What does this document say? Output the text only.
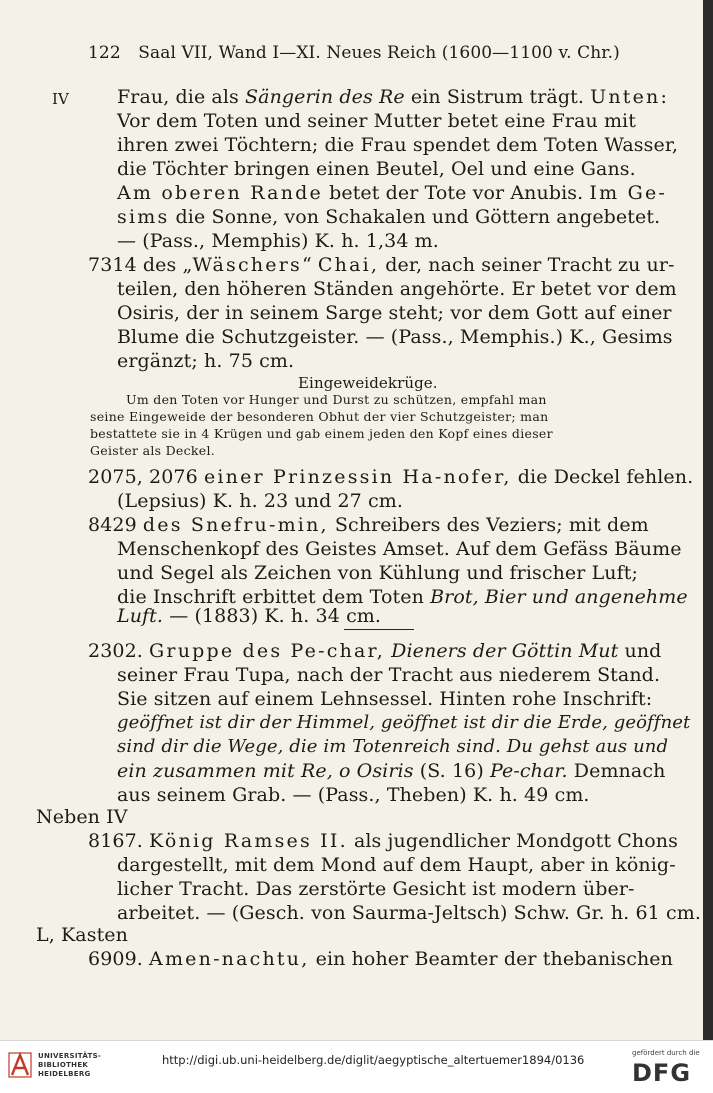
122 Saal VII, Wand I—XI. Neues Reich (1600—1100 v. Chr.)
IV	Frau, die als Sängerin des Re ein Sistrum trägt. Unten:
Vor dem Toten und seiner Mutter betet eine Frau mit
ihren zwei Töchtern; die Frau spendet dem Toten Wasser,
die Töchter bringen einen Beutel, Oel und eine Gans.
Am oberen Rande betet der Tote vor Anubis. Im Ge-
sims die Sonne, von Schakalen und Göttern angebetet.
— (Pass., Memphis) K. h. 1,34 m.
7314 des „Wäschers“ Chai, der, nach seiner Tracht zu ur-
teilen, den höheren Ständen angehörte. Er betet vor dem
Osiris, der in seinem Sarge steht; vor dem Gott auf einer
Blume die Schutzgeister. — (Pass., Memphis.) K., Gesims
ergänzt; h. 75 cm.
Eingeweidekrüge.
Um den Toten vor Hunger und Durst zu schützen, empfahl man
seine Eingeweide der besonderen Obhut der vier Schutzgeister; man
bestattete sie in 4 Krügen und gab einem jeden den Kopf eines dieser
Geister als Deckel.
2075, 2076 einer Prinzessin Ha-nofer, die Deckel fehlen.
(Lepsius) K. h. 23 und 27 cm.
8429 des Snefru-min, Schreibers des Veziers; mit dem
Menschenkopf des Geistes Amset. Auf dem Gefäss Bäume
und Segel als Zeichen von Kühlung und frischer Luft;
die Inschrift erbittet dem Toten Brot, Bier und angenehme
Luft. — (1883) K. h. 34 cm.
2302. Gruppe des Pe-char, Dieners der Göttin Mut und
seiner Frau Tupa, nach der Tracht aus niederem Stand.
Sie sitzen auf einem Lehnsessel. Hinten rohe Inschrift:
geöffnet ist dir der Himmel, geöffnet ist dir die Erde, geöffnet
sind dir die Wege, die im Totenreich sind. Du gehst aus und
ein zusammen mit Re, o Osiris (S. 16) Pe-char. Demnach
aus seinem Grab. — (Pass., Theben) K. h. 49 cm.
Neben IV
8167. König Ramses II. als jugendlicher Mondgott Chons
dargestellt, mit dem Mond auf dem Haupt, aber in könig-
licher Tracht. Das zerstörte Gesicht ist modern über-
arbeitet. — (Gesch. von Saurma-Jeltsch) Schw. Gr. h. 61 cm.
L, Kasten
6909. Amen-nachtu, ein hoher Beamter der thebanischen
UNIVERSITÄTS-
BIBLIOTHEK
HEIDELBERG
http://digi.ub.uni-heidelberg.de/diglit/aegyptische_altertuemer1894/0136	gefördert durch die
DFG
